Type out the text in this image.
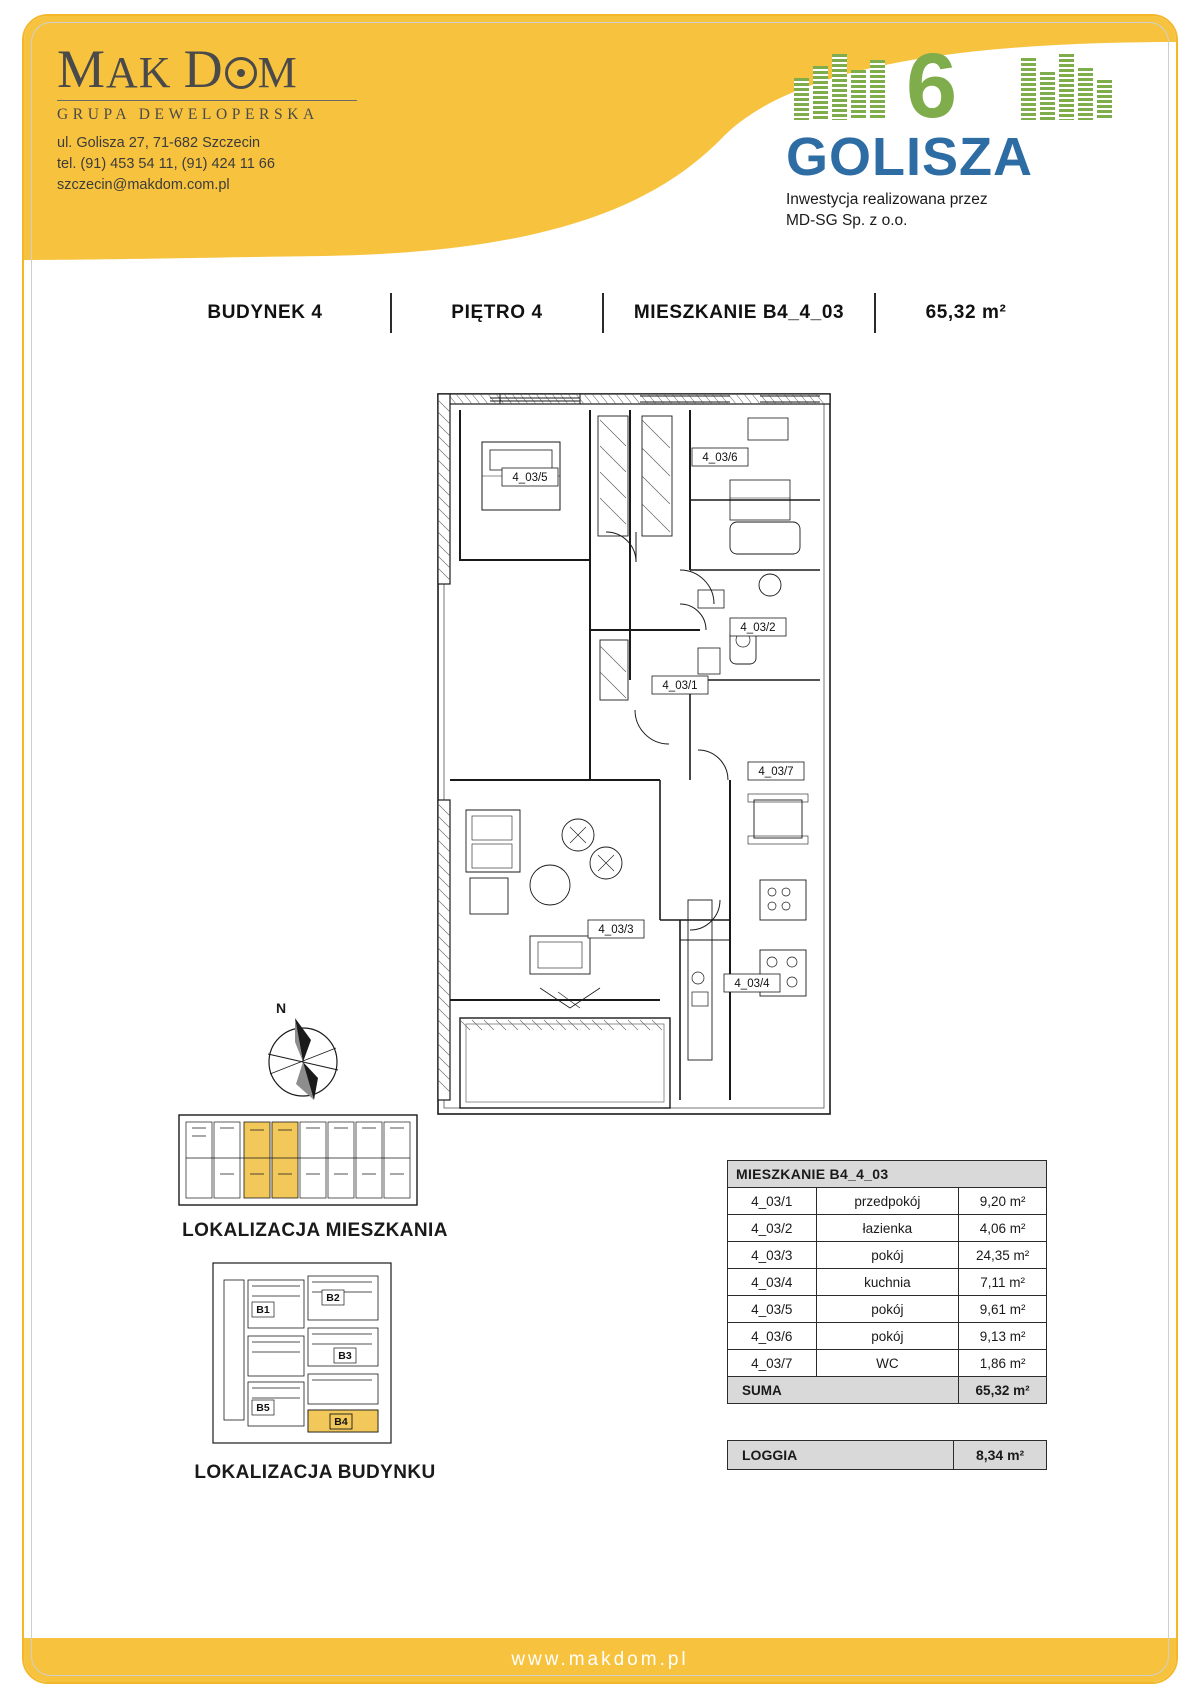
MAK D M
GRUPA DEWELOPERSKA
ul. Golisza 27, 71-682 Szczecin
tel. (91) 453 54 11, (91) 424 11 66
szczecin@makdom.com.pl
6
GOLISZA
Inwestycja realizowana przez
MD-SG Sp. z o.o.
BUDYNEK 4	PIĘTRO 4	MIESZKANIE B4_4_03	65,32 m²
4_03/5
4_03/6
4_03/2
4_03/1
4_03/7
4_03/3
4_03/4
N
LOKALIZACJA MIESZKANIA
B1
B2
B3
B4
B5
LOKALIZACJA BUDYNKU
MIESZKANIE B4_4_03		
4_03/1	przedpokój	9,20 m²
4_03/2	łazienka	4,06 m²
4_03/3	pokój	24,35 m²
4_03/4	kuchnia	7,11 m²
4_03/5	pokój	9,61 m²
4_03/6	pokój	9,13 m²
4_03/7	WC	1,86 m²
SUMA		65,32 m²
LOGGIA	8,34 m²
www.makdom.pl
